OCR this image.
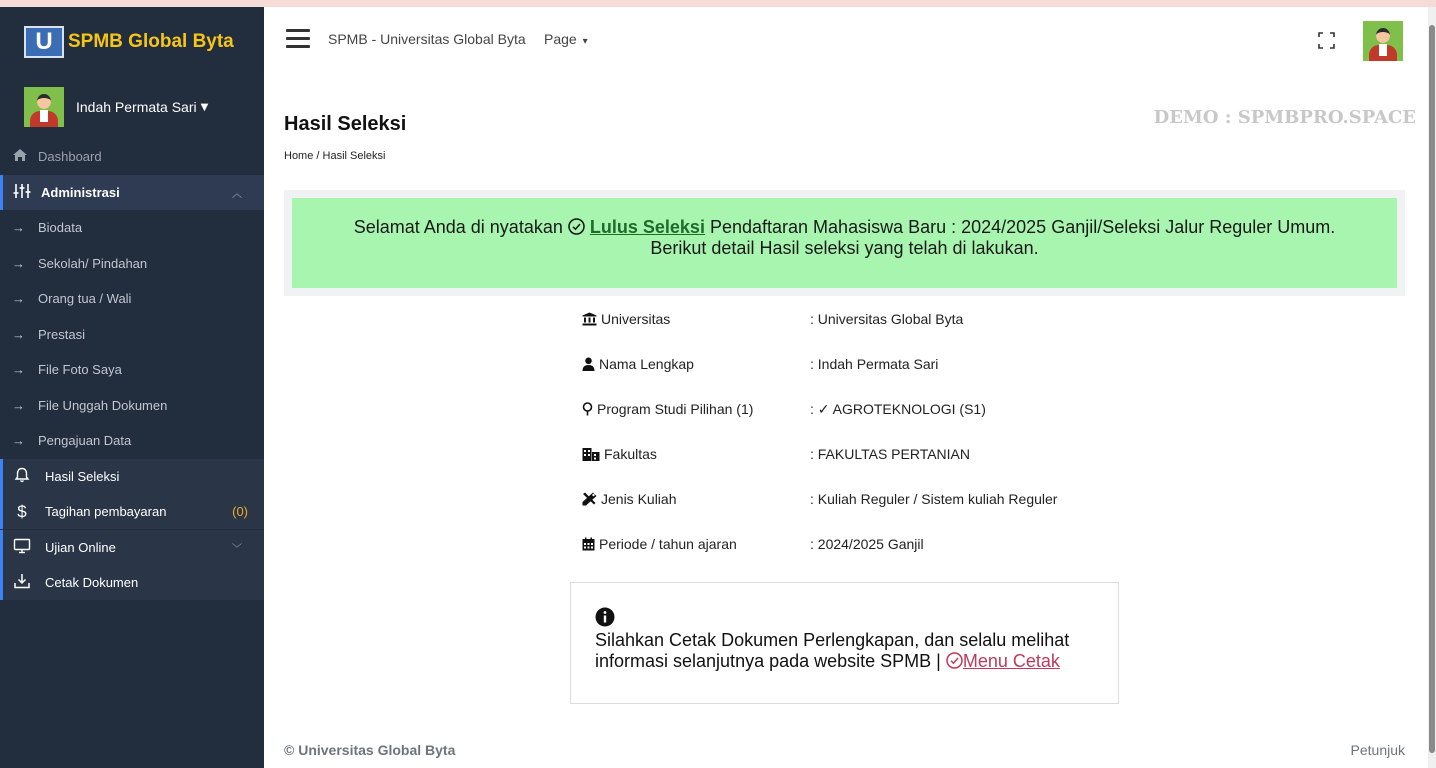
U SPMB Global Byta
Indah Permata Sari ▼
Dashboard
Administrasi	︿
→ Biodata
→ Sekolah/ Pindahan
→ Orang tua / Wali
→ Prestasi
→ File Foto Saya
→ File Unggah Dokumen
→ Pengajuan Data
Hasil Seleksi
$	Tagihan pembayaran	(0)
Ujian Online	﹀
Cetak Dokumen
SPMB - Universitas Global Byta Page ▾
Hasil Seleksi	DEMO : SPMBPRO.SPACE
Home / Hasil Seleksi
Selamat Anda di nyatakan Lulus Seleksi Pendaftaran Mahasiswa Baru : 2024/2025 Ganjil/Seleksi Jalur Reguler Umum.
Berikut detail Hasil seleksi yang telah di lakukan.
Universitas	: Universitas Global Byta
Nama Lengkap	: Indah Permata Sari
Program Studi Pilihan (1)	: ✓ AGROTEKNOLOGI (S1)
Fakultas	: FAKULTAS PERTANIAN
Jenis Kuliah	: Kuliah Reguler / Sistem kuliah Reguler
Periode / tahun ajaran	: 2024/2025 Ganjil
Silahkan Cetak Dokumen Perlengkapan, dan selalu melihat informasi selanjutnya pada website SPMB | Menu Cetak
© Universitas Global Byta	Petunjuk
